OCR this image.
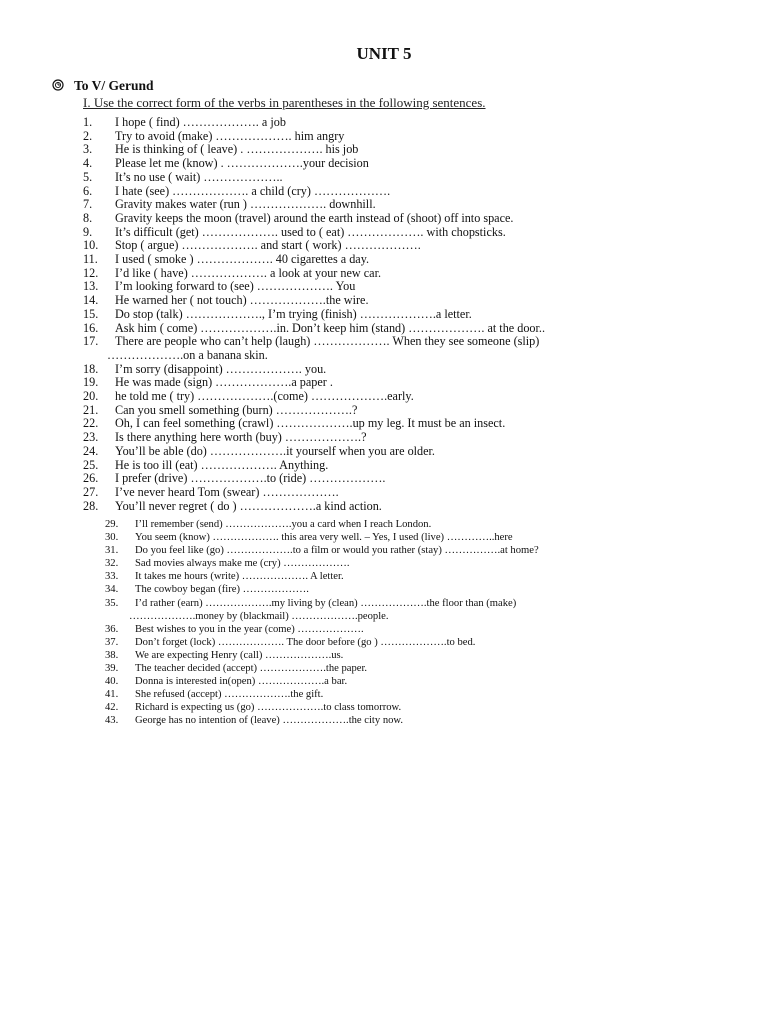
UNIT 5
To V/ Gerund
I. Use the correct form of the verbs in parentheses in the following sentences.
1.	I hope ( find) ………………. a job
2.	Try to avoid (make) ………………. him angry
3.	He is thinking of ( leave) . ………………. his job
4.	Please let me (know) . ……………….your decision
5.	It’s no use ( wait) ………………..
6.	I hate (see) ………………. a child (cry) ……………….
7.	Gravity makes water (run ) ………………. downhill.
8.	Gravity keeps the moon (travel) around the earth instead of (shoot) off into space.
9.	It’s difficult (get) ………………. used to ( eat) ………………. with chopsticks.
10.	Stop ( argue) ………………. and start ( work) ……………….
11.	I used ( smoke ) ………………. 40 cigarettes a day.
12.	I’d like ( have) ………………. a look at your new car.
13.	I’m looking forward to (see) ………………. You
14.	He warned her ( not touch) ……………….the wire.
15.	Do stop (talk) ………………., I’m trying (finish) ……………….a letter.
16.	Ask him ( come) ……………….in. Don’t keep him (stand) ………………. at the door..
17.	There are people who can’t help (laugh) ………………. When they see someone (slip)
……………….on a banana skin.
18.	I’m sorry (disappoint) ………………. you.
19.	He was made (sign) ……………….a paper .
20.	he told me ( try) ……………….(come) ……………….early.
21.	Can you smell something (burn) ……………….?
22.	Oh, I can feel something (crawl) ……………….up my leg. It must be an insect.
23.	Is there anything here worth (buy) ……………….?
24.	You’ll be able (do) ……………….it yourself when you are older.
25.	He is too ill (eat) ………………. Anything.
26.	I prefer (drive) ……………….to (ride) ……………….
27.	I’ve never heard Tom (swear) ……………….
28.	You’ll never regret ( do ) ……………….a kind action.
29.	I’ll remember (send) ……………….you a card when I reach London.
30.	You seem (know) ………………. this area very well. – Yes, I used (live) …………..here
31.	Do you feel like (go) ……………….to a film or would you rather (stay) …………….at home?
32.	Sad movies always make me (cry) ……………….
33.	It takes me hours (write) ………………. A letter.
34.	The cowboy began (fire) ……………….
35.	I’d rather (earn) ……………….my living by (clean) ……………….the floor than (make)
……………….money by (blackmail) ……………….people.
36.	Best wishes to you in the year (come) ……………….
37.	Don’t forget (lock) ………………. The door before (go ) ……………….to bed.
38.	We are expecting Henry (call) ……………….us.
39.	The teacher decided (accept) ……………….the paper.
40.	Donna is interested in(open) ……………….a bar.
41.	She refused (accept) ……………….the gift.
42.	Richard is expecting us (go) ……………….to class tomorrow.
43.	George has no intention of (leave) ……………….the city now.
